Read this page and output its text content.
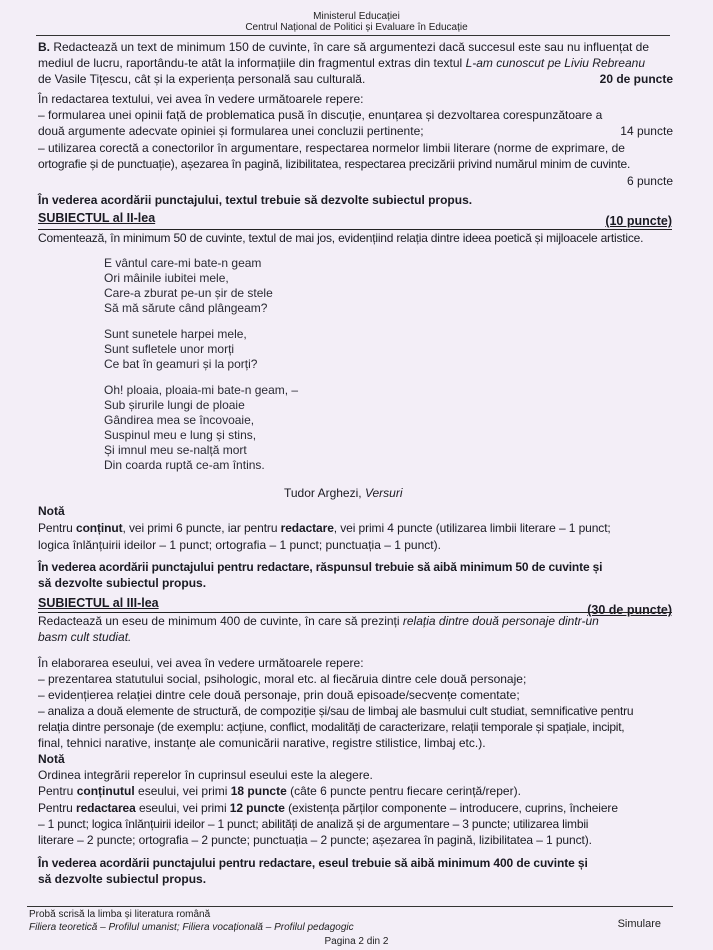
Ministerul Educației
Centrul Național de Politici și Evaluare în Educație
B. Redactează un text de minimum 150 de cuvinte, în care să argumentezi dacă succesul este sau nu influențat de
mediul de lucru, raportându-te atât la informațiile din fragmentul extras din textul L-am cunoscut pe Liviu Rebreanu
de Vasile Tițescu, cât și la experiența personală sau culturală.	20 de puncte
În redactarea textului, vei avea în vedere următoarele repere:
– formularea unei opinii față de problematica pusă în discuție, enunțarea și dezvoltarea corespunzătoare a
două argumente adecvate opiniei și formularea unei concluzii pertinente;	14 puncte
– utilizarea corectă a conectorilor în argumentare, respectarea normelor limbii literare (norme de exprimare, de
ortografie și de punctuație), așezarea în pagină, lizibilitatea, respectarea precizării privind numărul minim de cuvinte.
6 puncte
În vederea acordării punctajului, textul trebuie să dezvolte subiectul propus.
SUBIECTUL al II-lea	(10 puncte)
Comentează, în minimum 50 de cuvinte, textul de mai jos, evidențiind relația dintre ideea poetică și mijloacele artistice.
E vântul care-mi bate-n geam
Ori mâinile iubitei mele,
Care-a zburat pe-un șir de stele
Să mă sărute când plângeam?
Sunt sunetele harpei mele,
Sunt sufletele unor morți
Ce bat în geamuri și la porți?
Oh! ploaia, ploaia-mi bate-n geam, –
Sub șirurile lungi de ploaie
Gândirea mea se încovoaie,
Suspinul meu e lung și stins,
Și imnul meu se-nalță mort
Din coarda ruptă ce-am întins.
Tudor Arghezi, Versuri
Notă
Pentru conținut, vei primi 6 puncte, iar pentru redactare, vei primi 4 puncte (utilizarea limbii literare – 1 punct;
logica înlănțuirii ideilor – 1 punct; ortografia – 1 punct; punctuația – 1 punct).
În vederea acordării punctajului pentru redactare, răspunsul trebuie să aibă minimum 50 de cuvinte și
să dezvolte subiectul propus.
SUBIECTUL al III-lea	(30 de puncte)
Redactează un eseu de minimum 400 de cuvinte, în care să prezinți relația dintre două personaje dintr-un
basm cult studiat.
În elaborarea eseului, vei avea în vedere următoarele repere:
– prezentarea statutului social, psihologic, moral etc. al fiecăruia dintre cele două personaje;
– evidențierea relației dintre cele două personaje, prin două episoade/secvențe comentate;
– analiza a două elemente de structură, de compoziție și/sau de limbaj ale basmului cult studiat, semnificative pentru
relația dintre personaje (de exemplu: acțiune, conflict, modalități de caracterizare, relații temporale și spațiale, incipit,
final, tehnici narative, instanțe ale comunicării narative, registre stilistice, limbaj etc.).
Notă
Ordinea integrării reperelor în cuprinsul eseului este la alegere.
Pentru conținutul eseului, vei primi 18 puncte (câte 6 puncte pentru fiecare cerință/reper).
Pentru redactarea eseului, vei primi 12 puncte (existența părților componente – introducere, cuprins, încheiere
– 1 punct; logica înlănțuirii ideilor – 1 punct; abilități de analiză și de argumentare – 3 puncte; utilizarea limbii
literare – 2 puncte; ortografia – 2 puncte; punctuația – 2 puncte; așezarea în pagină, lizibilitatea – 1 punct).
În vederea acordării punctajului pentru redactare, eseul trebuie să aibă minimum 400 de cuvinte și
să dezvolte subiectul propus.
Probă scrisă la limba și literatura română
Filiera teoretică – Profilul umanist; Filiera vocațională – Profilul pedagogic	Simulare
Pagina 2 din 2
